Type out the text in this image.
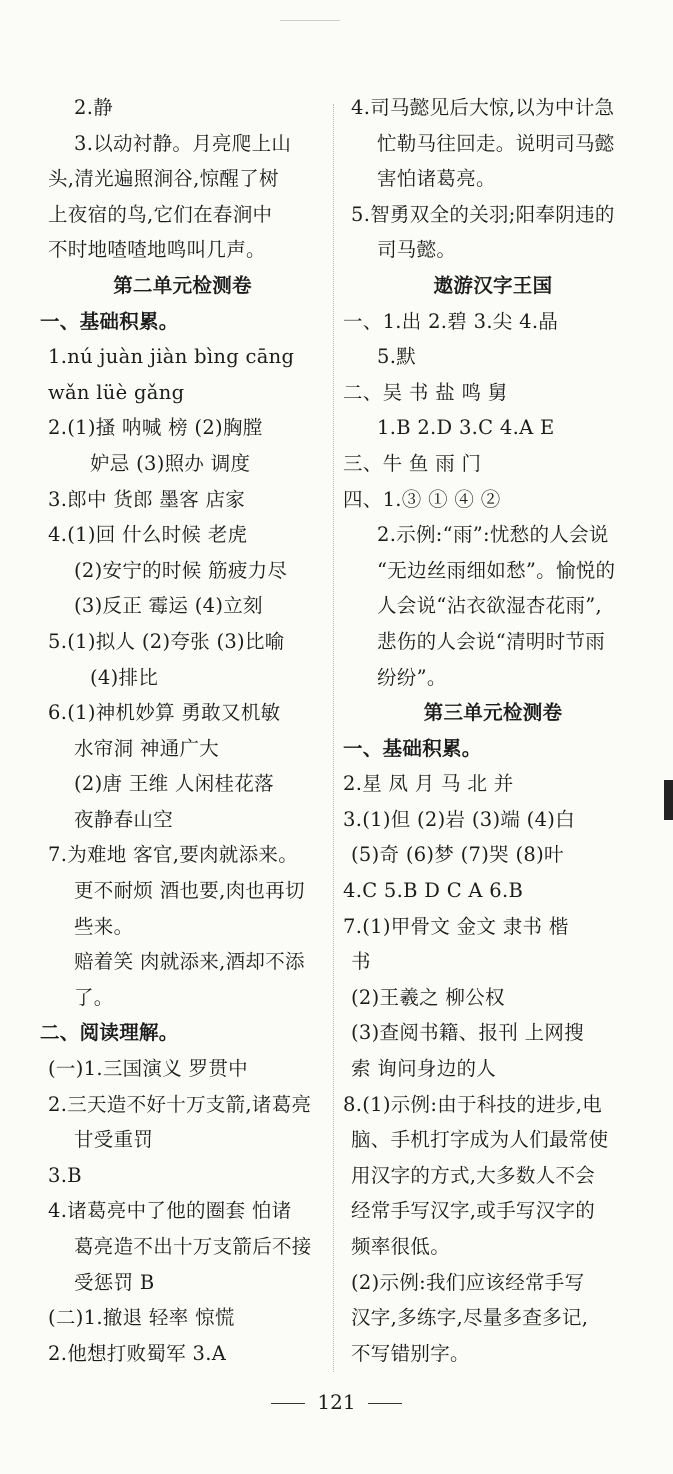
2.静
3.以动衬静。月亮爬上山
头,清光遍照涧谷,惊醒了树
上夜宿的鸟,它们在春涧中
不时地喳喳地鸣叫几声。
第二单元检测卷
一、基础积累。
1.nú juàn jiàn bìng cāng
wǎn lüè gǎng
2.(1)搔 呐喊 榜 (2)胸膛
妒忌 (3)照办 调度
3.郎中 货郎 墨客 店家
4.(1)回 什么时候 老虎
(2)安宁的时候 筋疲力尽
(3)反正 霉运 (4)立刻
5.(1)拟人 (2)夸张 (3)比喻
(4)排比
6.(1)神机妙算 勇敢又机敏
水帘洞 神通广大
(2)唐 王维 人闲桂花落
夜静春山空
7.为难地 客官,要肉就添来。
更不耐烦 酒也要,肉也再切
些来。
赔着笑 肉就添来,酒却不添
了。
二、阅读理解。
(一)1.三国演义 罗贯中
2.三天造不好十万支箭,诸葛亮
甘受重罚
3.B
4.诸葛亮中了他的圈套 怕诸
葛亮造不出十万支箭后不接
受惩罚 B
(二)1.撤退 轻率 惊慌
2.他想打败蜀军 3.A
4.司马懿见后大惊,以为中计急
忙勒马往回走。说明司马懿
害怕诸葛亮。
5.智勇双全的关羽;阳奉阴违的
司马懿。
遨游汉字王国
一、1.出 2.碧 3.尖 4.晶
5.默
二、吴 书 盐 鸣 舅
1.B 2.D 3.C 4.A E
三、牛 鱼 雨 门
四、1.③ ① ④ ②
2.示例:“雨”:忧愁的人会说
“无边丝雨细如愁”。愉悦的
人会说“沾衣欲湿杏花雨”,
悲伤的人会说“清明时节雨
纷纷”。
第三单元检测卷
一、基础积累。
2.星 凤 月 马 北 并
3.(1)但 (2)岩 (3)端 (4)白
(5)奇 (6)梦 (7)哭 (8)叶
4.C 5.B D C A 6.B
7.(1)甲骨文 金文 隶书 楷
书
(2)王羲之 柳公权
(3)查阅书籍、报刊 上网搜
索 询问身边的人
8.(1)示例:由于科技的进步,电
脑、手机打字成为人们最常使
用汉字的方式,大多数人不会
经常手写汉字,或手写汉字的
频率很低。
(2)示例:我们应该经常手写
汉字,多练字,尽量多查多记,
不写错别字。
121
